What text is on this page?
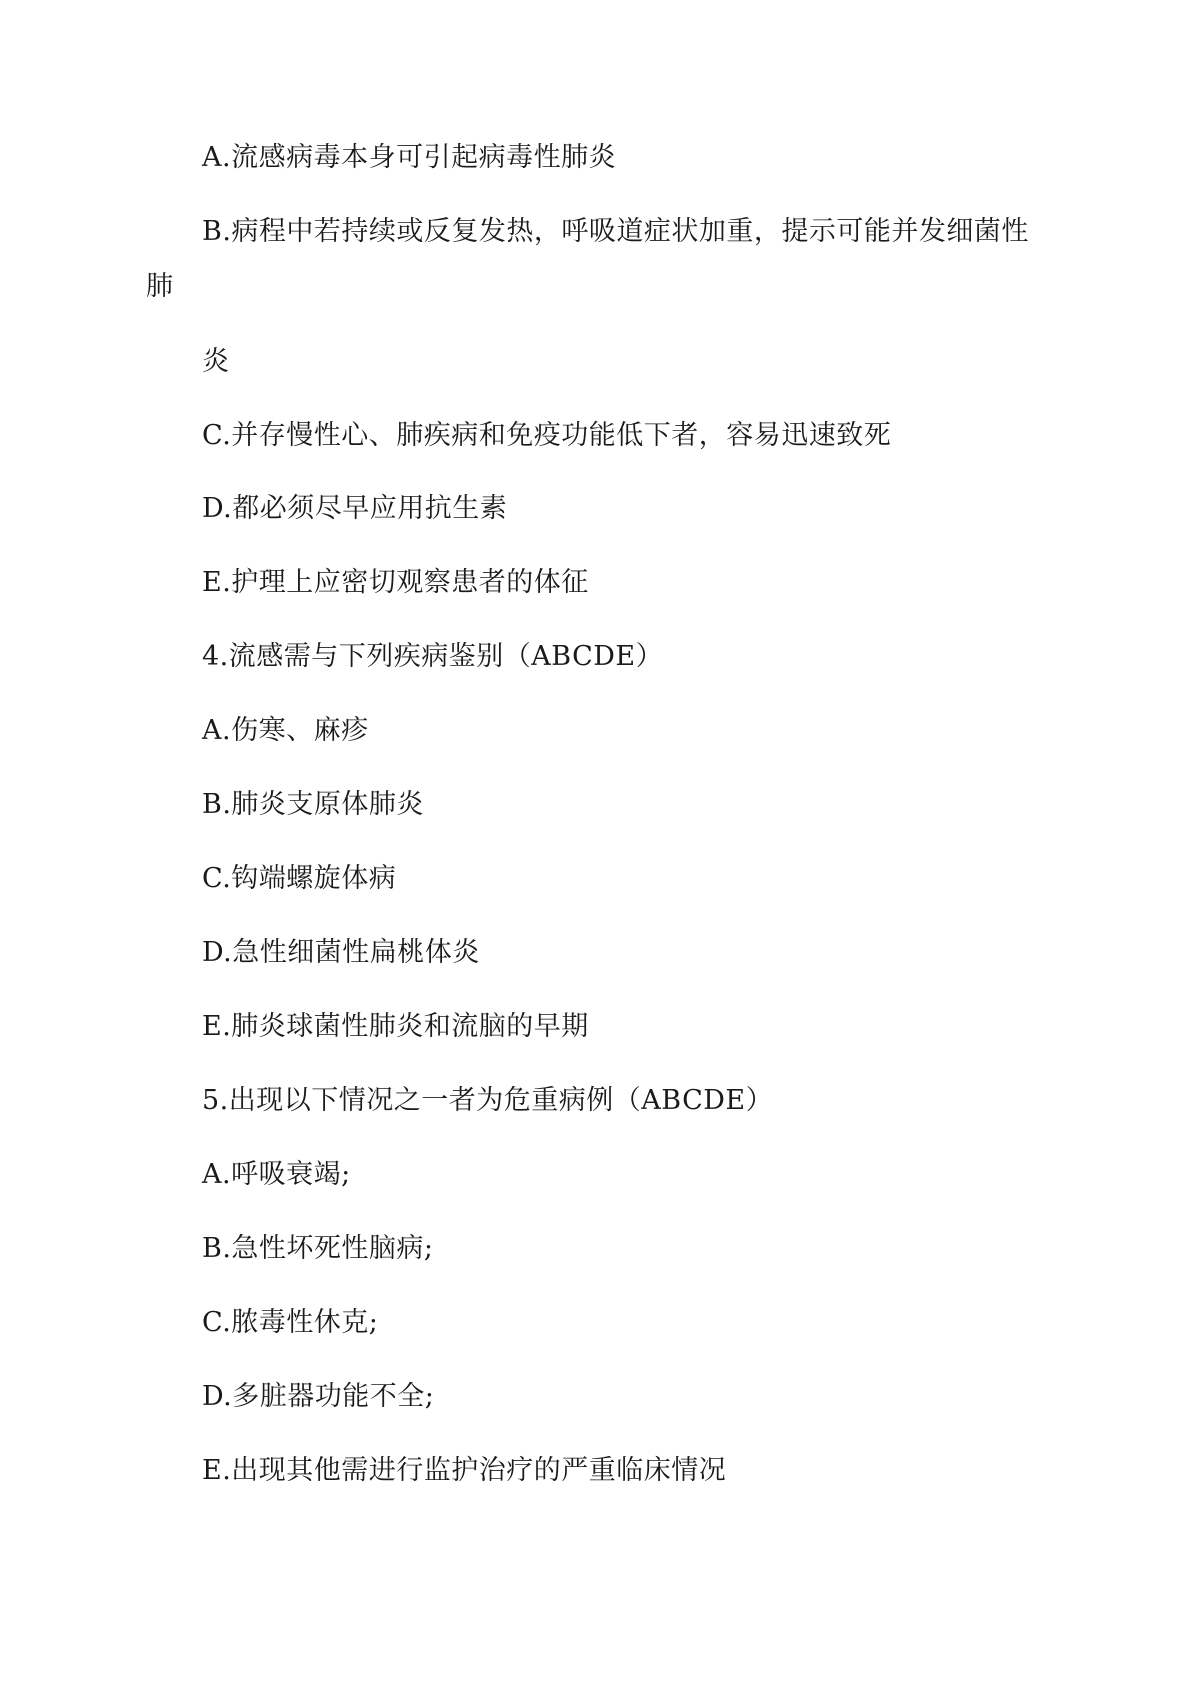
A.流感病毒本身可引起病毒性肺炎
B.病程中若持续或反复发热，呼吸道症状加重，提示可能并发细菌性
肺
炎
C.并存慢性心、肺疾病和免疫功能低下者，容易迅速致死
D.都必须尽早应用抗生素
E.护理上应密切观察患者的体征
4.流感需与下列疾病鉴别（ABCDE）
A.伤寒、麻疹
B.肺炎支原体肺炎
C.钩端螺旋体病
D.急性细菌性扁桃体炎
E.肺炎球菌性肺炎和流脑的早期
5.出现以下情况之一者为危重病例（ABCDE）
A.呼吸衰竭;
B.急性坏死性脑病;
C.脓毒性休克;
D.多脏器功能不全;
E.出现其他需进行监护治疗的严重临床情况
